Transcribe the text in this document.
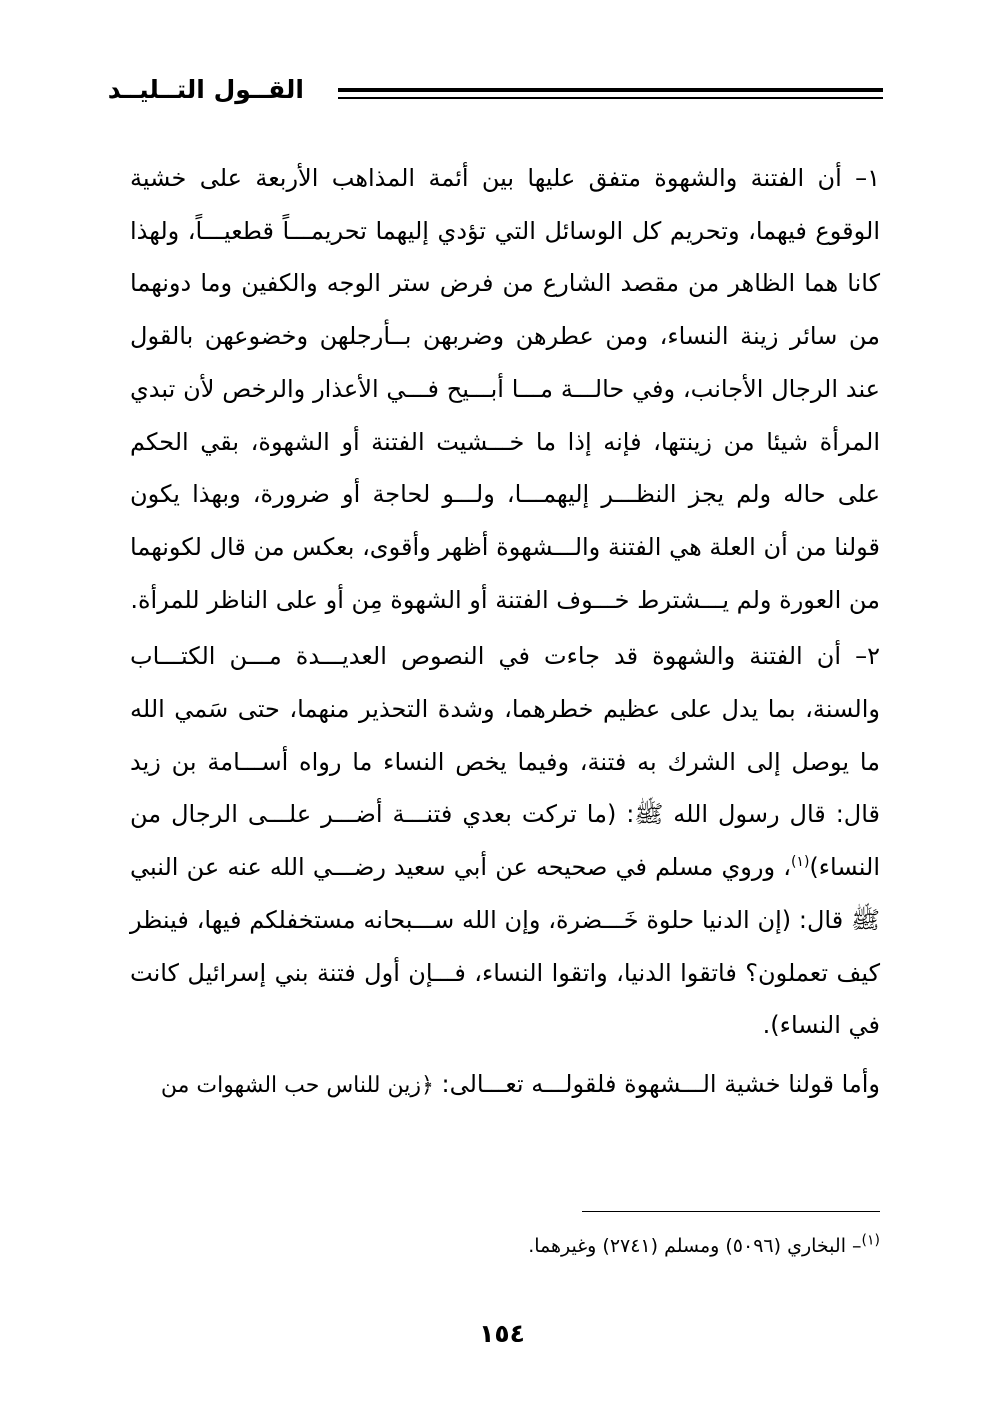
القــول التــليــد

١– أن الفتنة والشهوة متفق عليها بين أئمة المذاهب الأربعة على خشية الوقوع فيهما، وتحريم كل الوسائل التي تؤدي إليهما تحريمـــاً قطعيـــاً، ولهذا كانا هما الظاهر من مقصد الشارع من فرض ستر الوجه والكفين وما دونهما من سائر زينة النساء، ومن عطرهن وضربهن بــأرجلهن وخضوعهن بالقول عند الرجال الأجانب، وفي حالـــة مـــا أبـــيح فـــي الأعذار والرخص لأن تبدي المرأة شيئا من زينتها، فإنه إذا ما خـــشيت الفتنة أو الشهوة، بقي الحكم على حاله ولم يجز النظـــر إليهمـــا، ولـــو لحاجة أو ضرورة، وبهذا يكون قولنا من أن العلة هي الفتنة والـــشهوة أظهر وأقوى، بعكس من قال لكونهما من العورة ولم يـــشترط خـــوف الفتنة أو الشهوة مِن أو على الناظر للمرأة.

٢– أن الفتنة والشهوة قد جاءت في النصوص العديـــدة مـــن الكتـــاب والسنة، بما يدل على عظيم خطرهما، وشدة التحذير منهما، حتى سَمي الله ما يوصل إلى الشرك به فتنة، وفيما يخص النساء ما رواه أســـامة بن زيد قال: قال رسول الله ﷺ: (ما تركت بعدي فتنـــة أضـــر علـــى الرجال من النساء)$^{(١)}$، وروي مسلم في صحيحه عن أبي سعيد رضـــي الله عنه عن النبي ﷺ قال: (إن الدنيا حلوة خَـــضرة، وإن الله ســـبحانه مستخفلكم فيها، فينظر كيف تعملون؟ فاتقوا الدنيا، واتقوا النساء، فـــإن أول فتنة بني إسرائيل كانت في النساء).

وأما قولنا خشية الـــشهوة فلقولـــه تعـــالى: ﴿زين للناس حب الشهوات من

$^{(١)}$– البخاري (٥٠٩٦) ومسلم (٢٧٤١) وغيرهما.
١٥٤
